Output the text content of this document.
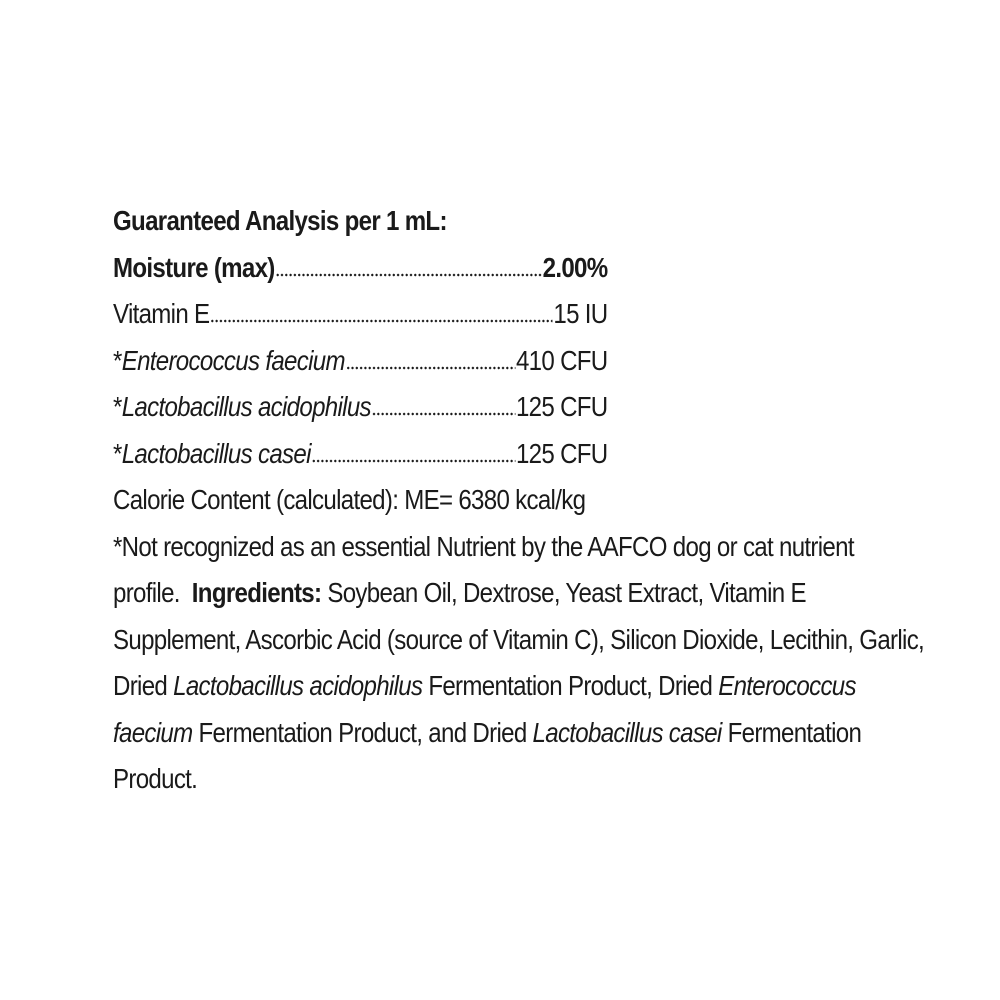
Guaranteed Analysis per 1 mL:
Moisture (max)	2.00%
Vitamin E	15 IU
*Enterococcus faecium	410 CFU
*Lactobacillus acidophilus	125 CFU
*Lactobacillus casei	125 CFU
Calorie Content (calculated): ME= 6380 kcal/kg
*Not recognized as an essential Nutrient by the AAFCO dog or cat nutrient profile. Ingredients: Soybean Oil, Dextrose, Yeast Extract, Vitamin E Supplement, Ascorbic Acid (source of Vitamin C), Silicon Dioxide, Lecithin, Garlic, Dried Lactobacillus acidophilus Fermentation Product, Dried Enterococcus faecium Fermentation Product, and Dried Lactobacillus casei Fermentation Product.
